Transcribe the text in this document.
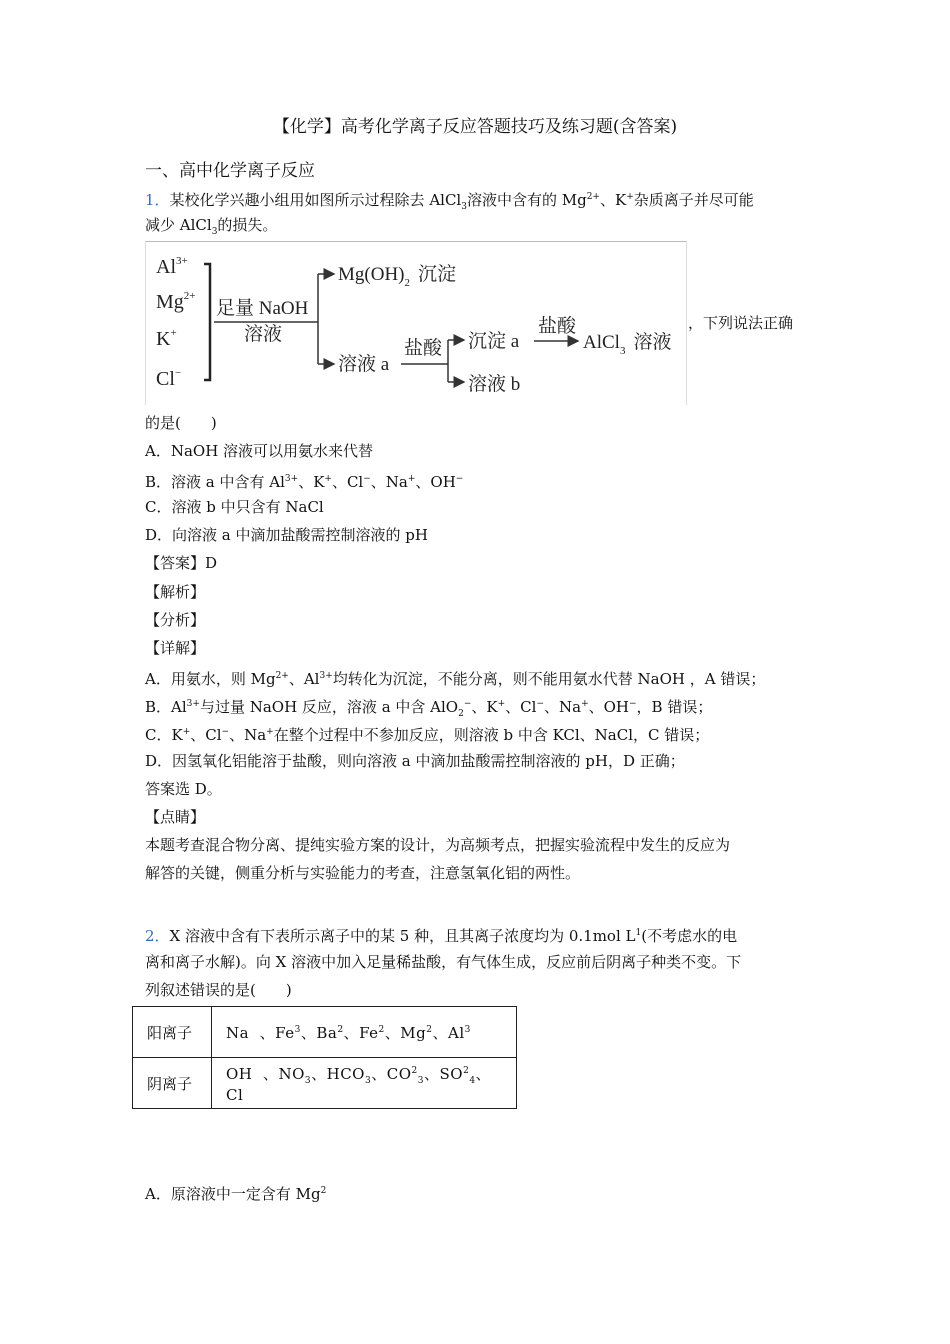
【化学】高考化学离子反应答题技巧及练习题(含答案)
一、高中化学离子反应
1．某校化学兴趣小组用如图所示过程除去 AlCl$_3$溶液中含有的 $Mg^{2+}$、K+杂质离子并尽可能
减少 AlCl$_3$的损失。
$Al^{3+}$
$Mg^{2+}$
K+
Cl−
足量 NaOH
溶液
$Mg(OH)_2$ 沉淀
溶液 a
盐酸 沉淀 a
溶液 b
盐酸
AlCl$_3$ 溶液
，下列说法正确
的是(　　)
A．NaOH 溶液可以用氨水来代替
B．溶液 a 中含有 $Al^{3+}$、K+、Cl−、Na+、OH−
C．溶液 b 中只含有 NaCl
D．向溶液 a 中滴加盐酸需控制溶液的 pH
【答案】D
【解析】
【分析】
【详解】
A．用氨水，则 $Mg^{2+}$、$Al^{3+}$均转化为沉淀，不能分离，则不能用氨水代替 NaOH ，A 错误；
B．$Al^{3+}$与过量 NaOH 反应，溶液 a 中含 AlO$_2$−、K+、Cl−、Na+、OH−，B 错误；
C．K+、Cl−、Na+在整个过程中不参加反应，则溶液 b 中含 KCl、NaCl，C 错误；
D．因氢氧化铝能溶于盐酸，则向溶液 a 中滴加盐酸需控制溶液的 pH，D 正确；
答案选 D。
【点睛】
本题考查混合物分离、提纯实验方案的设计，为高频考点，把握实验流程中发生的反应为
解答的关键，侧重分析与实验能力的考查，注意氢氧化铝的两性。
2．X 溶液中含有下表所示离子中的某 5 种，且其离子浓度均为 0.1mol $L^1$(不考虑水的电
离和离子水解)。向 X 溶液中加入足量稀盐酸，有气体生成，反应前后阴离子种类不变。下
列叙述错误的是(　　)
阳离子	Na  、Fe$^3$、Ba$^2$、Fe$^2$、Mg$^2$、Al$^3$
阴离子	OH  、$NO_3$、$HCO_3$、$CO^2_3$、$SO^2_4$、Cl
A．原溶液中一定含有 Mg$^2$
